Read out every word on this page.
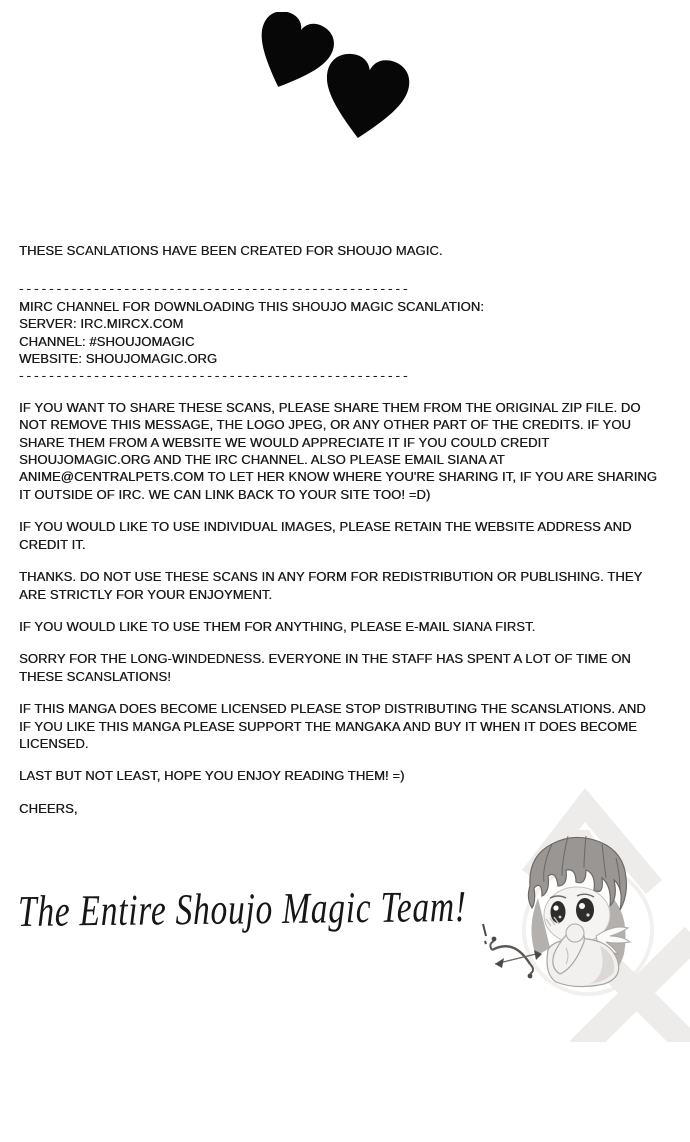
THESE SCANLATIONS HAVE BEEN CREATED FOR SHOUJO MAGIC.

----------------------------------------------------

MIRC CHANNEL FOR DOWNLOADING THIS SHOUJO MAGIC SCANLATION:

SERVER: IRC.MIRCX.COM

CHANNEL: #SHOUJOMAGIC

WEBSITE: SHOUJOMAGIC.ORG

----------------------------------------------------

IF YOU WANT TO SHARE THESE SCANS, PLEASE SHARE THEM FROM THE ORIGINAL ZIP FILE. DO NOT REMOVE THIS MESSAGE, THE LOGO JPEG, OR ANY OTHER PART OF THE CREDITS. IF YOU SHARE THEM FROM A WEBSITE WE WOULD APPRECIATE IT IF YOU COULD CREDIT SHOUJOMAGIC.ORG AND THE IRC CHANNEL. ALSO PLEASE EMAIL SIANA AT ANIME@CENTRALPETS.COM TO LET HER KNOW WHERE YOU'RE SHARING IT, IF YOU ARE SHARING IT OUTSIDE OF IRC. WE CAN LINK BACK TO YOUR SITE TOO! =D)

IF YOU WOULD LIKE TO USE INDIVIDUAL IMAGES, PLEASE RETAIN THE WEBSITE ADDRESS AND CREDIT IT.

THANKS. DO NOT USE THESE SCANS IN ANY FORM FOR REDISTRIBUTION OR PUBLISHING. THEY ARE STRICTLY FOR YOUR ENJOYMENT.

IF YOU WOULD LIKE TO USE THEM FOR ANYTHING, PLEASE E-MAIL SIANA FIRST.

SORRY FOR THE LONG-WINDEDNESS. EVERYONE IN THE STAFF HAS SPENT A LOT OF TIME ON THESE SCANSLATIONS!

IF THIS MANGA DOES BECOME LICENSED PLEASE STOP DISTRIBUTING THE SCANSLATIONS. AND IF YOU LIKE THIS MANGA PLEASE SUPPORT THE MANGAKA AND BUY IT WHEN IT DOES BECOME LICENSED.

LAST BUT NOT LEAST, HOPE YOU ENJOY READING THEM! =)

CHEERS,

The Entire Shoujo Magic Team!
